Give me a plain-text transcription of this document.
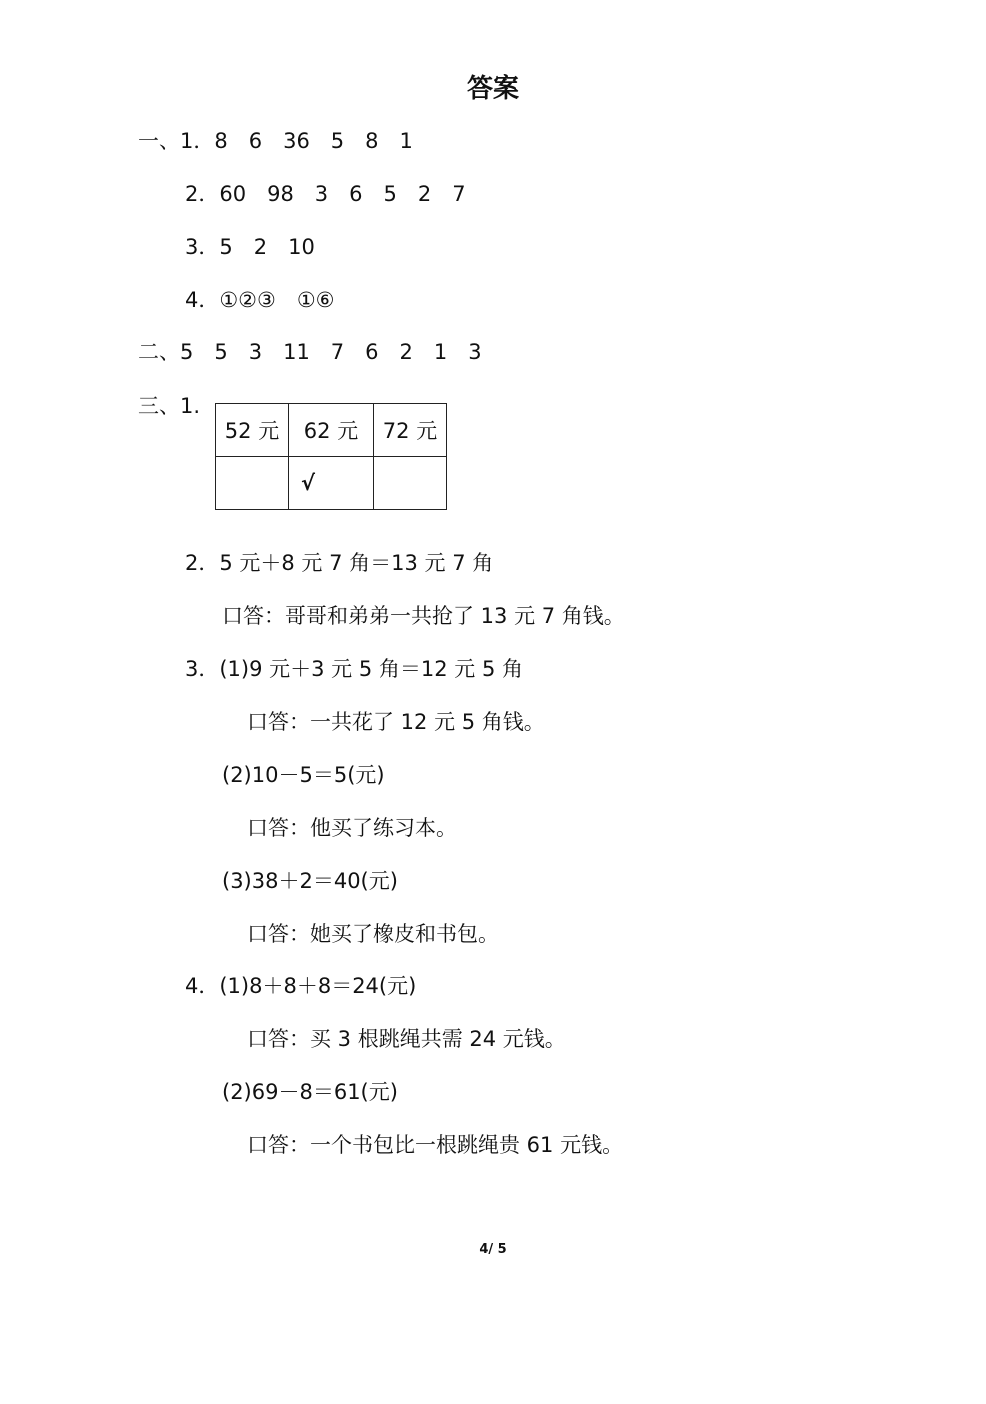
答案
一、1．8　6　36　5　8　1
2．60　98　3　6　5　2　7
3．5　2　10
4．①②③　①⑥
二、5　5　3　11　7　6　2　1　3
三、1.
52 元	62 元	72 元
	√	
2．5 元＋8 元 7 角＝13 元 7 角
口答：哥哥和弟弟一共抢了 13 元 7 角钱。
3．(1)9 元＋3 元 5 角＝12 元 5 角
口答：一共花了 12 元 5 角钱。
(2)10－5＝5(元)
口答：他买了练习本。
(3)38＋2＝40(元)
口答：她买了橡皮和书包。
4．(1)8＋8＋8＝24(元)
口答：买 3 根跳绳共需 24 元钱。
(2)69－8＝61(元)
口答：一个书包比一根跳绳贵 61 元钱。
4/ 5
